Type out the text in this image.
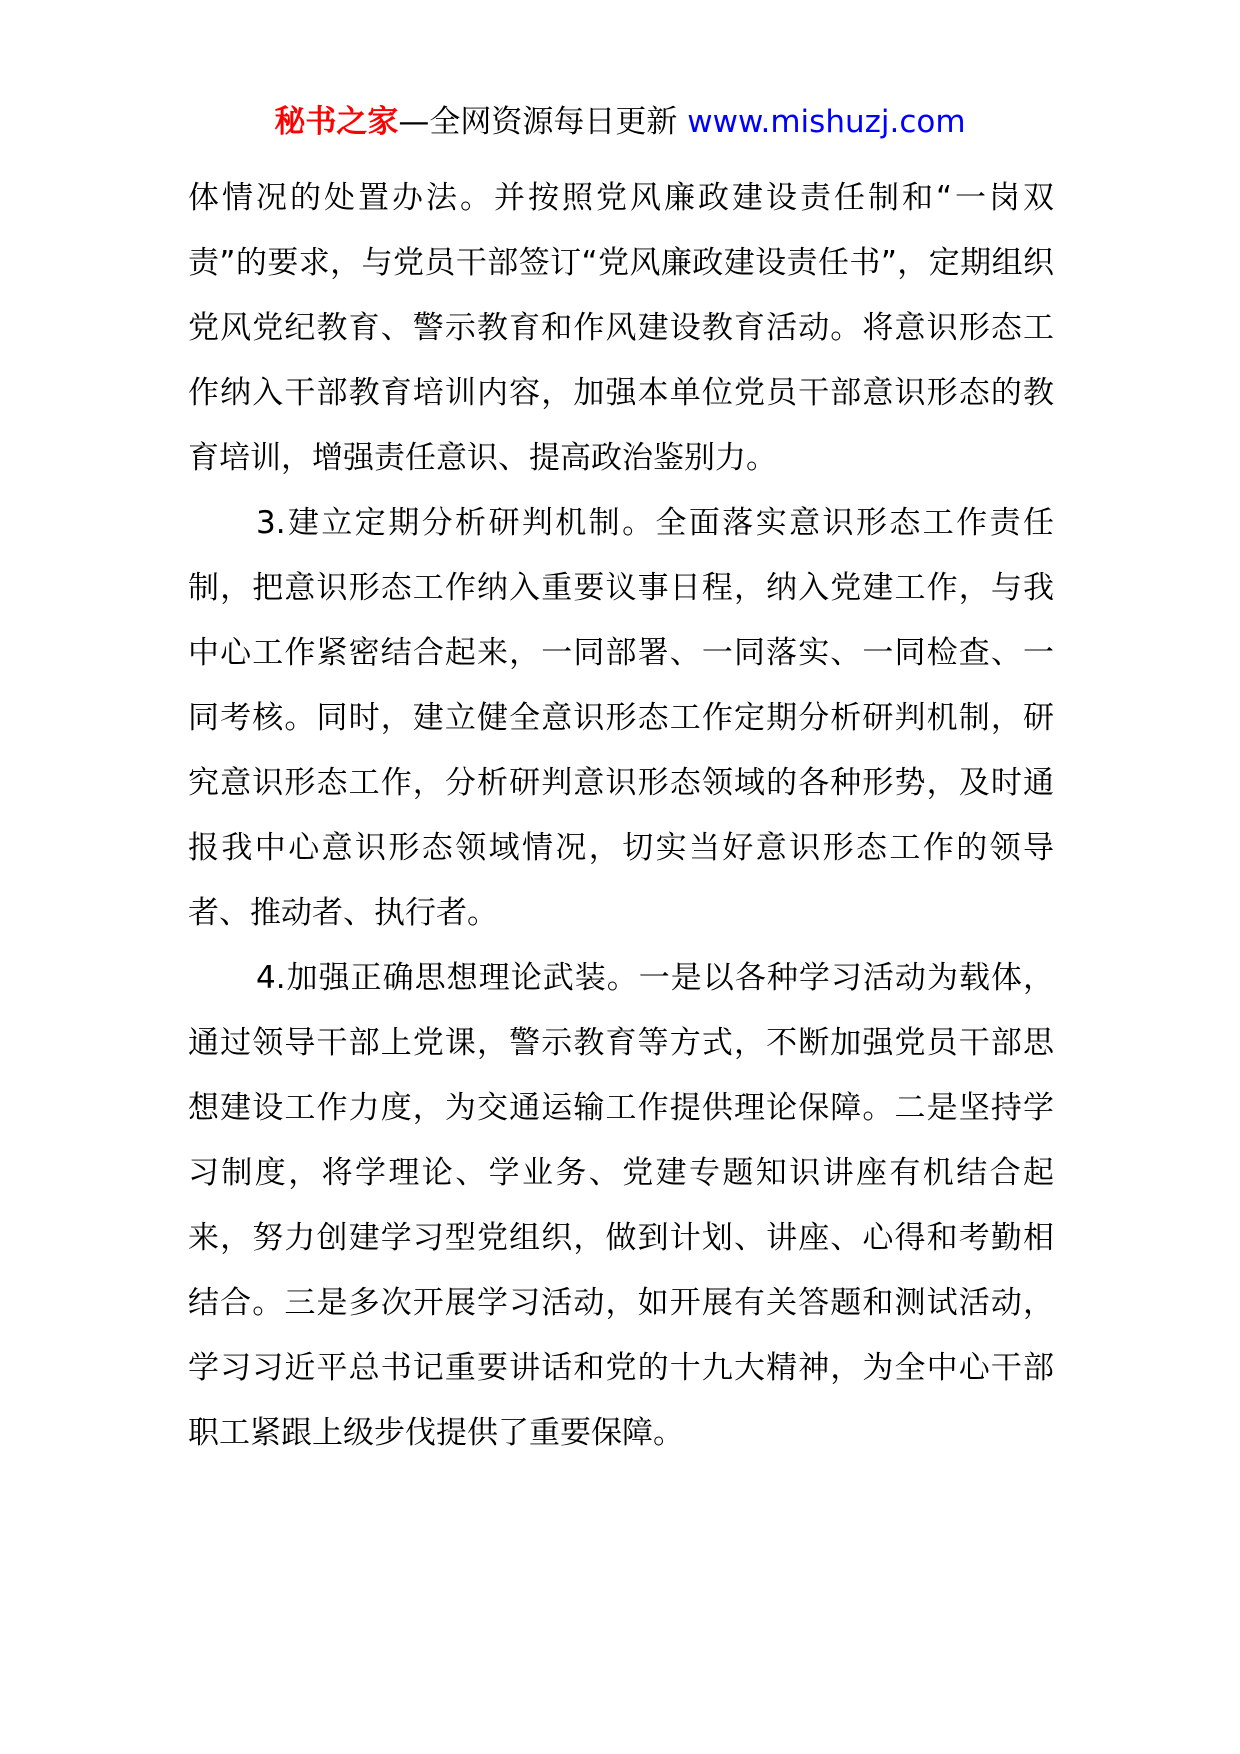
秘书之家—全网资源每日更新 www.mishuzj.com

体情况的处置办法。并按照党风廉政建设责任制和“一岗双责”的要求，与党员干部签订“党风廉政建设责任书”，定期组织党风党纪教育、警示教育和作风建设教育活动。将意识形态工作纳入干部教育培训内容，加强本单位党员干部意识形态的教育培训，增强责任意识、提高政治鉴别力。

3.建立定期分析研判机制。全面落实意识形态工作责任制，把意识形态工作纳入重要议事日程，纳入党建工作，与我中心工作紧密结合起来，一同部署、一同落实、一同检查、一同考核。同时，建立健全意识形态工作定期分析研判机制，研究意识形态工作，分析研判意识形态领域的各种形势，及时通报我中心意识形态领域情况，切实当好意识形态工作的领导者、推动者、执行者。

4.加强正确思想理论武装。一是以各种学习活动为载体，通过领导干部上党课，警示教育等方式，不断加强党员干部思想建设工作力度，为交通运输工作提供理论保障。二是坚持学习制度，将学理论、学业务、党建专题知识讲座有机结合起来，努力创建学习型党组织，做到计划、讲座、心得和考勤相结合。三是多次开展学习活动，如开展有关答题和测试活动，学习习近平总书记重要讲话和党的十九大精神，为全中心干部职工紧跟上级步伐提供了重要保障。
